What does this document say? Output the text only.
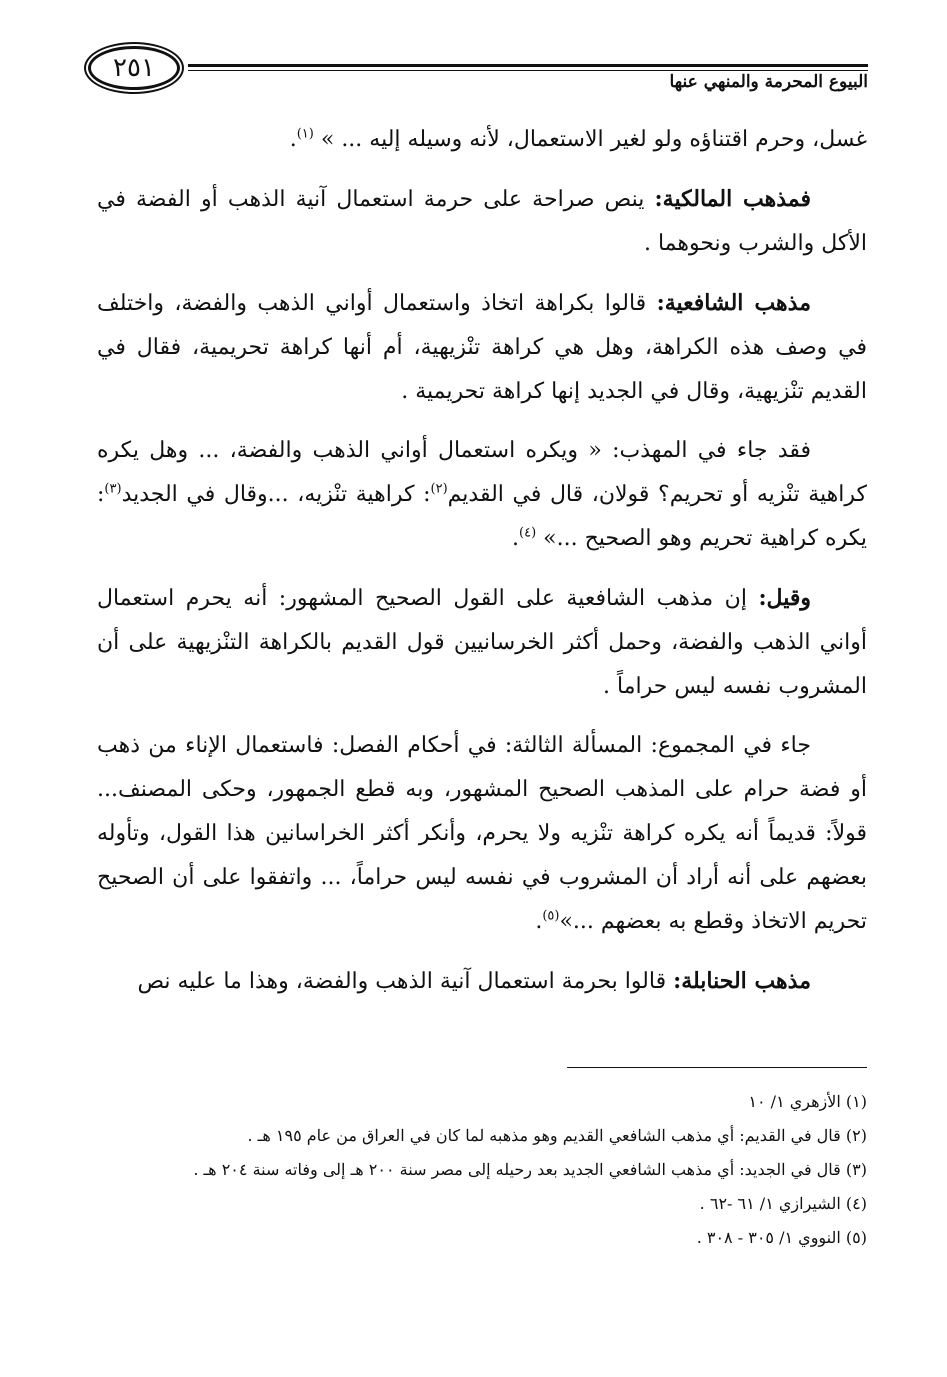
٢٥١	البيوع المحرمة والمنهي عنها

غسل، وحرم اقتناؤه ولو لغير الاستعمال، لأنه وسيله إليه ... » $^{(١)}$.

فمذهب المالكية: ينص صراحة على حرمة استعمال آنية الذهب أو الفضة في الأكل والشرب ونحوهما .

مذهب الشافعية: قالوا بكراهة اتخاذ واستعمال أواني الذهب والفضة، واختلف في وصف هذه الكراهة، وهل هي كراهة تنْزيهية، أم أنها كراهة تحريمية، فقال في القديم تنْزيهية، وقال في الجديد إنها كراهة تحريمية .

فقد جاء في المهذب: « ويكره استعمال أواني الذهب والفضة، ... وهل يكره كراهية تنْزيه أو تحريم؟ قولان، قال في القديم$^{(٢)}$: كراهية تنْزيه، ...وقال في الجديد$^{(٣)}$: يكره كراهية تحريم وهو الصحيح ...» $^{(٤)}$.

وقيل: إن مذهب الشافعية على القول الصحيح المشهور: أنه يحرم استعمال أواني الذهب والفضة، وحمل أكثر الخرسانيين قول القديم بالكراهة التنْزيهية على أن المشروب نفسه ليس حراماً .

جاء في المجموع: المسألة الثالثة: في أحكام الفصل: فاستعمال الإناء من ذهب أو فضة حرام على المذهب الصحيح المشهور، وبه قطع الجمهور، وحكى المصنف... قولاً: قديماً أنه يكره كراهة تنْزيه ولا يحرم، وأنكر أكثر الخراسانين هذا القول، وتأوله بعضهم على أنه أراد أن المشروب في نفسه ليس حراماً، ... واتفقوا على أن الصحيح تحريم الاتخاذ وقطع به بعضهم ...»$^{(٥)}$.

مذهب الحنابلة: قالوا بحرمة استعمال آنية الذهب والفضة، وهذا ما عليه نص

(١) الأزهري ١/ ١٠
(٢) قال في القديم: أي مذهب الشافعي القديم وهو مذهبه لما كان في العراق من عام ١٩٥ هـ .
(٣) قال في الجديد: أي مذهب الشافعي الجديد بعد رحيله إلى مصر سنة ٢٠٠ هـ إلى وفاته سنة ٢٠٤ هـ .
(٤) الشيرازي ١/ ٦١ -٦٢ .
(٥) النووي ١/ ٣٠٥ - ٣٠٨ .
